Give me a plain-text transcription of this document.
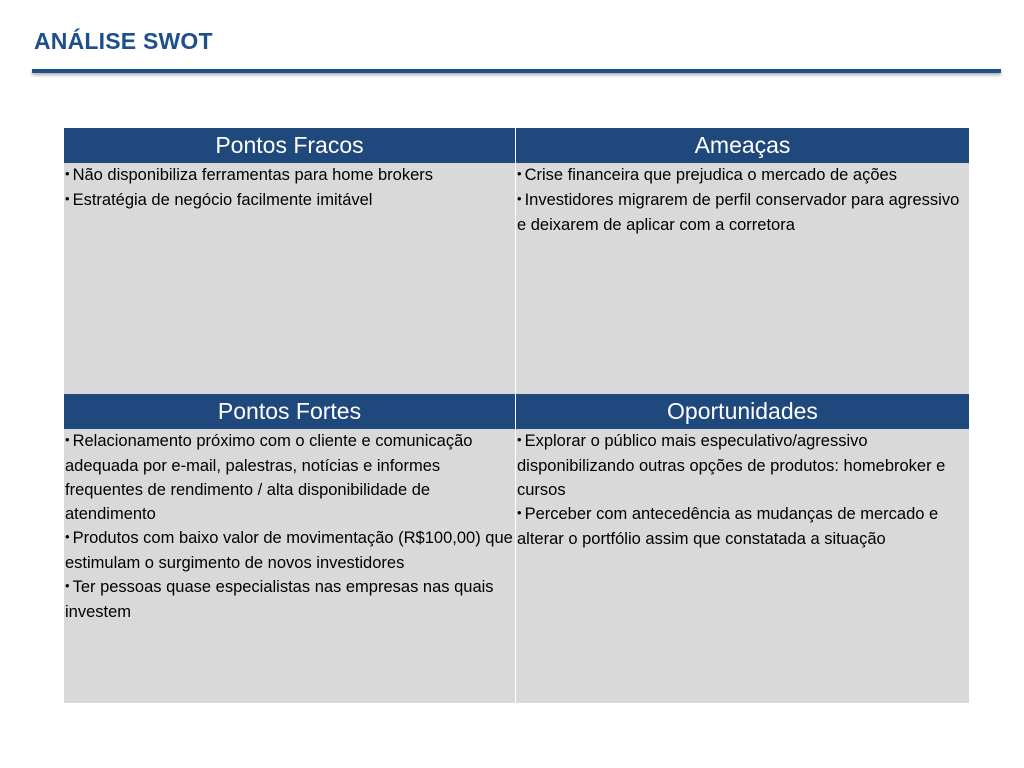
ANÁLISE SWOT
Pontos Fracos	Ameaças
• Não disponibiliza ferramentas para home brokers
• Estratégia de negócio facilmente imitável
• Crise financeira que prejudica o mercado de ações
• Investidores migrarem de perfil conservador para agressivo e deixarem de aplicar com a corretora
Pontos Fortes	Oportunidades
• Relacionamento próximo com o cliente e comunicação adequada por e-mail, palestras, notícias e informes frequentes de rendimento / alta disponibilidade de atendimento
• Produtos com baixo valor de movimentação (R$100,00) que estimulam o surgimento de novos investidores
• Ter pessoas quase especialistas nas empresas nas quais investem
• Explorar o público mais especulativo/agressivo disponibilizando outras opções de produtos: homebroker e cursos
• Perceber com antecedência as mudanças de mercado e alterar o portfólio assim que constatada a situação
